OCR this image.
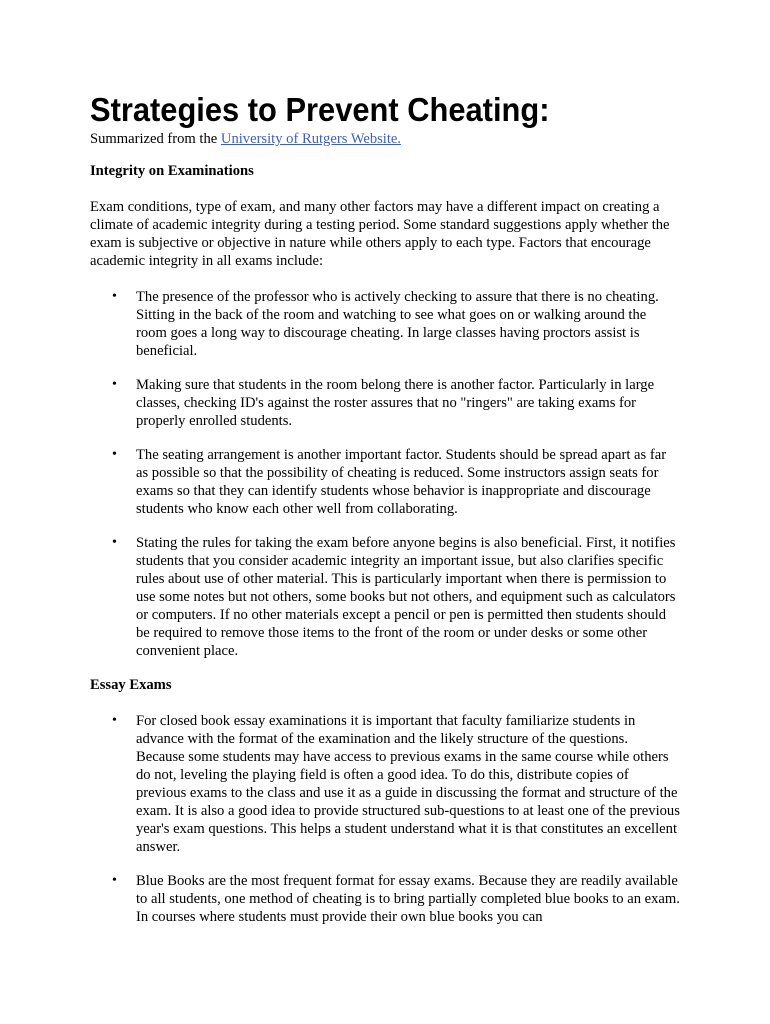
Strategies to Prevent Cheating:
Summarized from the University of Rutgers Website.
Integrity on Examinations

Exam conditions, type of exam, and many other factors may have a different impact on creating a climate of academic integrity during a testing period. Some standard suggestions apply whether the exam is subjective or objective in nature while others apply to each type. Factors that encourage academic integrity in all exams include:

• The presence of the professor who is actively checking to assure that there is no cheating. Sitting in the back of the room and watching to see what goes on or walking around the room goes a long way to discourage cheating. In large classes having proctors assist is beneficial.
• Making sure that students in the room belong there is another factor. Particularly in large classes, checking ID's against the roster assures that no "ringers" are taking exams for properly enrolled students.
• The seating arrangement is another important factor. Students should be spread apart as far as possible so that the possibility of cheating is reduced. Some instructors assign seats for exams so that they can identify students whose behavior is inappropriate and discourage students who know each other well from collaborating.
• Stating the rules for taking the exam before anyone begins is also beneficial. First, it notifies students that you consider academic integrity an important issue, but also clarifies specific rules about use of other material. This is particularly important when there is permission to use some notes but not others, some books but not others, and equipment such as calculators or computers. If no other materials except a pencil or pen is permitted then students should be required to remove those items to the front of the room or under desks or some other convenient place.
Essay Exams
• For closed book essay examinations it is important that faculty familiarize students in advance with the format of the examination and the likely structure of the questions. Because some students may have access to previous exams in the same course while others do not, leveling the playing field is often a good idea. To do this, distribute copies of previous exams to the class and use it as a guide in discussing the format and structure of the exam. It is also a good idea to provide structured sub-questions to at least one of the previous year's exam questions. This helps a student understand what it is that constitutes an excellent answer.
• Blue Books are the most frequent format for essay exams. Because they are readily available to all students, one method of cheating is to bring partially completed blue books to an exam. In courses where students must provide their own blue books you can
